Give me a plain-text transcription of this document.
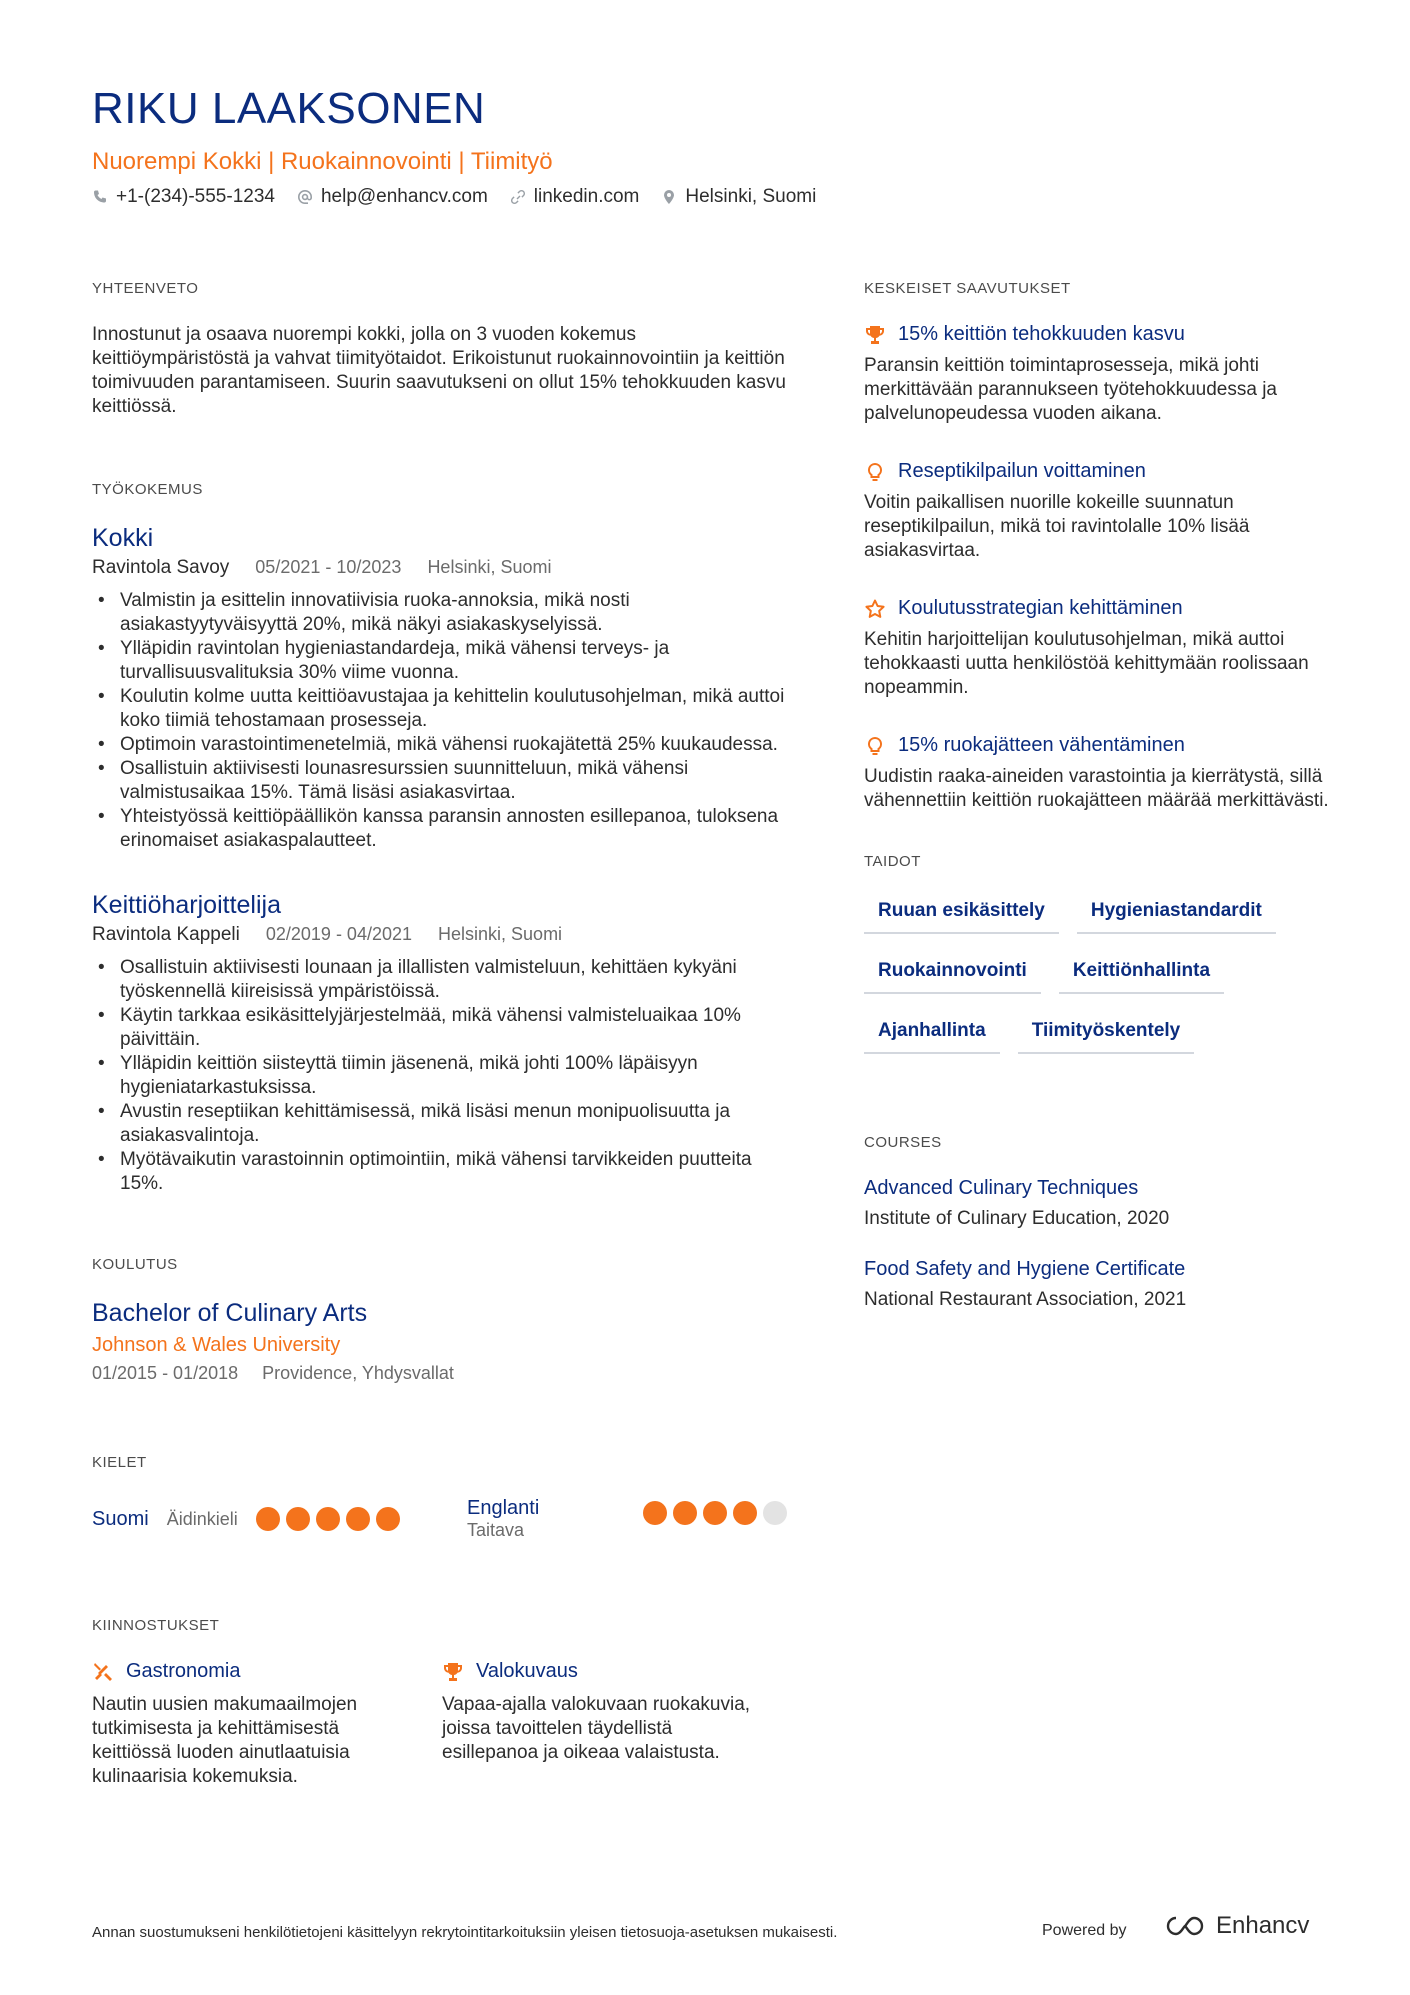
RIKU LAAKSONEN
Nuorempi Kokki | Ruokainnovointi | Tiimityö
+1-(234)-555-1234 help@enhancv.com linkedin.com Helsinki, Suomi
YHTEENVETO

Innostunut ja osaava nuorempi kokki, jolla on 3 vuoden kokemus keittiöympäristöstä ja vahvat tiimityötaidot. Erikoistunut ruokainnovointiin ja keittiön toimivuuden parantamiseen. Suurin saavutukseni on ollut 15% tehokkuuden kasvu keittiössä.

TYÖKOKEMUS
Kokki
Ravintola Savoy 05/2021 - 10/2023 Helsinki, Suomi
• Valmistin ja esittelin innovatiivisia ruoka-annoksia, mikä nosti asiakastyytyväisyyttä 20%, mikä näkyi asiakaskyselyissä.
• Ylläpidin ravintolan hygieniastandardeja, mikä vähensi terveys- ja turvallisuusvalituksia 30% viime vuonna.
• Koulutin kolme uutta keittiöavustajaa ja kehittelin koulutusohjelman, mikä auttoi koko tiimiä tehostamaan prosesseja.
• Optimoin varastointimenetelmiä, mikä vähensi ruokajätettä 25% kuukaudessa.
• Osallistuin aktiivisesti lounasresurssien suunnitteluun, mikä vähensi valmistusaikaa 15%. Tämä lisäsi asiakasvirtaa.
• Yhteistyössä keittiöpäällikön kanssa paransin annosten esillepanoa, tuloksena erinomaiset asiakaspalautteet.
Keittiöharjoittelija
Ravintola Kappeli 02/2019 - 04/2021 Helsinki, Suomi
• Osallistuin aktiivisesti lounaan ja illallisten valmisteluun, kehittäen kykyäni työskennellä kiireisissä ympäristöissä.
• Käytin tarkkaa esikäsittelyjärjestelmää, mikä vähensi valmisteluaikaa 10% päivittäin.
• Ylläpidin keittiön siisteyttä tiimin jäsenenä, mikä johti 100% läpäisyyn hygieniatarkastuksissa.
• Avustin reseptiikan kehittämisessä, mikä lisäsi menun monipuolisuutta ja asiakasvalintoja.
• Myötävaikutin varastoinnin optimointiin, mikä vähensi tarvikkeiden puutteita 15%.
KOULUTUS
Bachelor of Culinary Arts
Johnson & Wales University
01/2015 - 01/2018 Providence, Yhdysvallat
KIELET
Suomi Äidinkieli	Englanti
Taitava
KIINNOSTUKSET
Gastronomia

Nautin uusien makumaailmojen tutkimisesta ja kehittämisestä keittiössä luoden ainutlaatuisia kulinaarisia kokemuksia.

Valokuvaus

Vapaa-ajalla valokuvaan ruokakuvia, joissa tavoittelen täydellistä esillepanoa ja oikeaa valaistusta.

KESKEISET SAAVUTUKSET
15% keittiön tehokkuuden kasvu

Paransin keittiön toimintaprosesseja, mikä johti merkittävään parannukseen työtehokkuudessa ja palvelunopeudessa vuoden aikana.

Reseptikilpailun voittaminen

Voitin paikallisen nuorille kokeille suunnatun reseptikilpailun, mikä toi ravintolalle 10% lisää asiakasvirtaa.

Koulutusstrategian kehittäminen

Kehitin harjoittelijan koulutusohjelman, mikä auttoi tehokkaasti uutta henkilöstöä kehittymään roolissaan nopeammin.

15% ruokajätteen vähentäminen

Uudistin raaka-aineiden varastointia ja kierrätystä, sillä vähennettiin keittiön ruokajätteen määrää merkittävästi.

TAIDOT
Ruuan esikäsittely	Hygieniastandardit
Ruokainnovointi	Keittiönhallinta
Ajanhallinta	Tiimityöskentely
COURSES
Advanced Culinary Techniques
Institute of Culinary Education, 2020
Food Safety and Hygiene Certificate
National Restaurant Association, 2021
Annan suostumukseni henkilötietojeni käsittelyyn rekrytointitarkoituksiin yleisen tietosuoja-asetuksen mukaisesti.	Powered by	Enhancv
